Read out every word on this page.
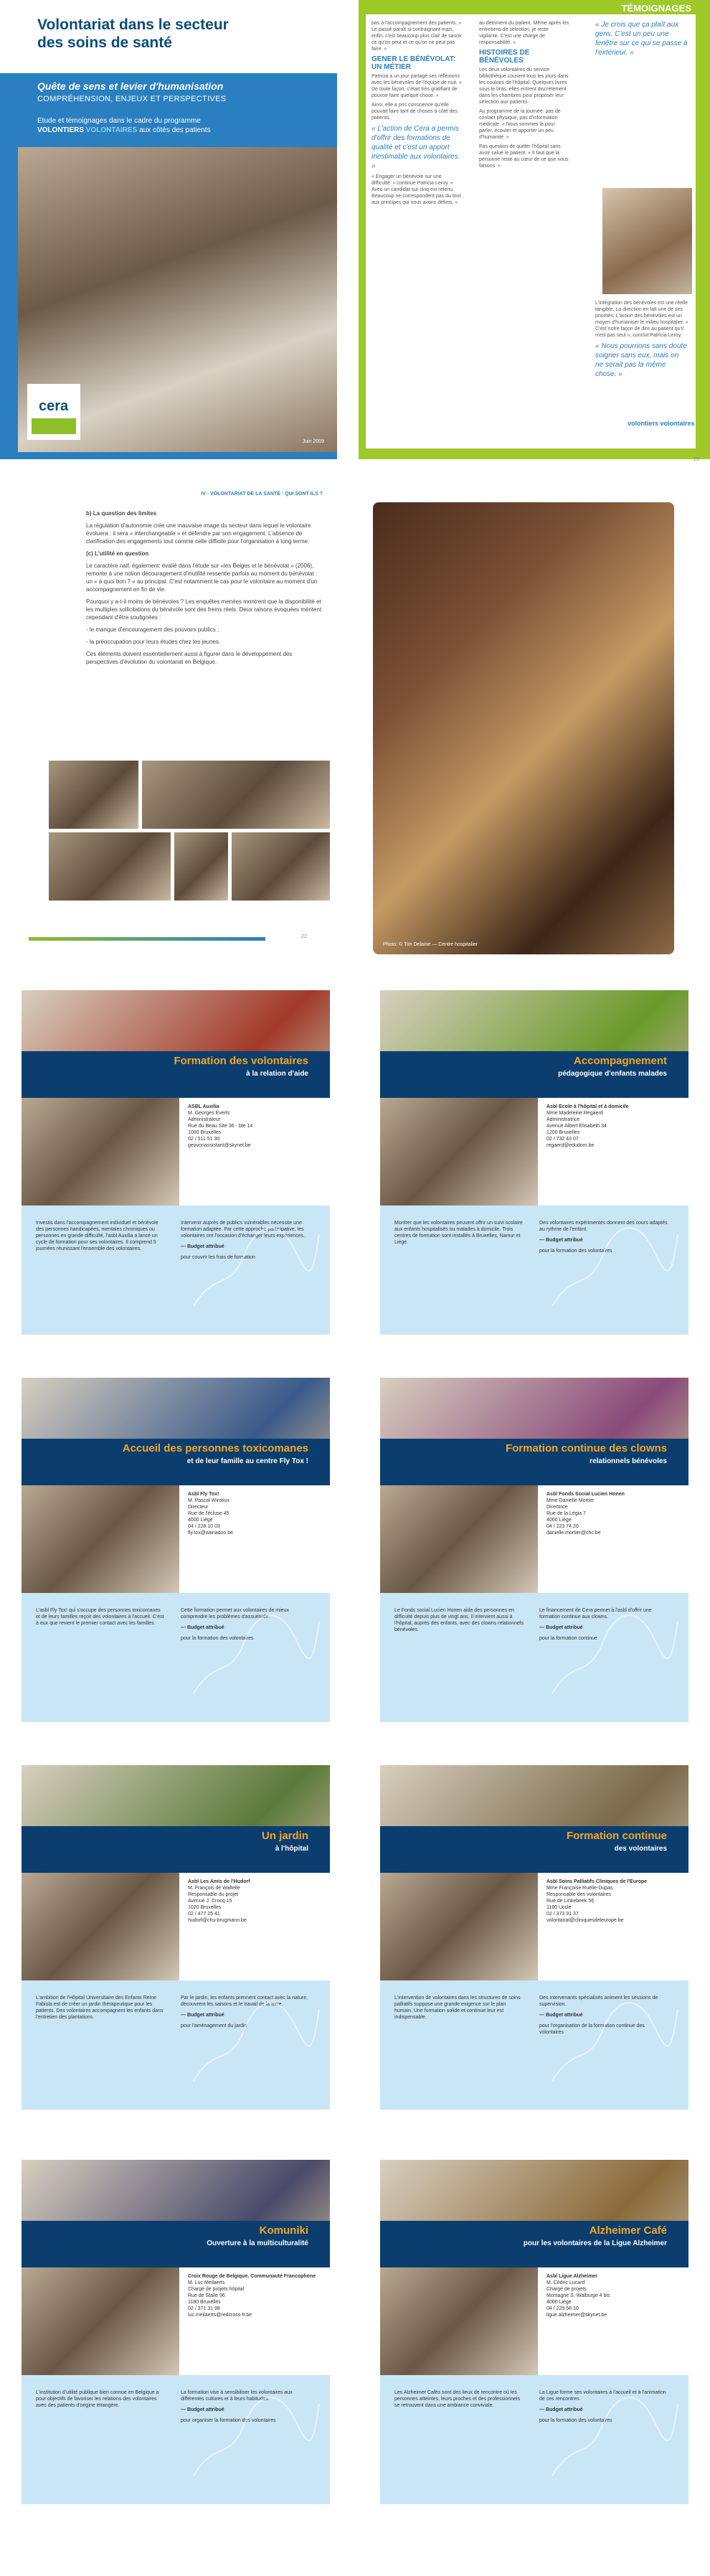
Volontariat dans le secteur
des soins de santé
Quête de sens et levier d'humanisation
COMPRÉHENSION, ENJEUX ET PERSPECTIVES
Etude et témoignages dans le cadre du programme
VOLONTIERS VOLONTAIRES aux côtés des patients
cera
Juin 2009
TÉMOIGNAGES

pas à l'accompagnement des patients. » Le passé paraît si contraignant mais, enfin, c'est beaucoup plus clair de savoir ce qu'on peut et ce qu'on ne peut pas faire. »

GENER LE BÉNÉVOLAT: UN MÉTIER

Patricia a un jour partagé ses réflexions avec les bénévoles de l'équipe de nuit. « De toute façon, c'était très gratifiant de pouvoir faire quelque chose. »

Ainsi, elle a pris conscience qu'elle pouvait faire tant de choses à côté des patients.

« L'action de Cera a permis d'offrir des formations de qualité et c'est un apport inestimable aux volontaires. »

« Engager un bénévole sur une difficulté. » continue Patricia Leroy. « Avec un candidat sur cinq est retenu. Beaucoup ne correspondent pas du tout aux principes qui nous avons définis. »

au détriment du patient. Même après les entretiens de sélection, je reste vigilante. C'est une charge de responsabilité. »

HISTOIRES DE BÉNÉVOLES

Les deux volontaires du service bibliothèque cousent tous les jours dans les couloirs de l'hôpital. Quelques livres sous le bras, elles entrent discrètement dans les chambres pour proposer leur sélection aux patients.

Au programme de la journée: pas de contact physique, pas d'information médicale. « Nous sommes là pour parler, écouter et apporter un peu d'humanité. »

Pas question de quitter l'hôpital sans avoir salué le patient. « Il faut que la personne reste au cœur de ce que nous faisons. »

« Je crois que ça plaît aux gens. C'est un peu une fenêtre sur ce qui se passe à l'extérieur. »

L'intégration des bénévoles est une réelle tangible. La direction en fait une de ses priorités. L'action des bénévoles est un moyen d'humaniser le milieu hospitalier. « C'est notre façon de dire au patient qu'il n'est pas seul », conclut Patricia Leroy.

« Nous pourrions sans doute soigner sans eux, mais on ne serait pas la même chose. »

volontiers volontaires
23
IV - VOLONTARIAT DE LA SANTÉ : QUI SONT-ILS ?

b) La question des limites

La régulation d'autonomie crée une mauvaise image du secteur dans lequel le volontaire évoluera : il sera « interchangeable » et défendre par son engagement. L'absence de clarification des engagements tout comme celle difficile pour l'organisation à long terme.

(c) L'utilité en question

Le caractère naif, également: évalié dans l'étude sur «les Belges et le bénévolat » (2006), remonte à une notion découragement d'inutilité ressentie parfois au moment du bénévolat : un « à quoi bon ? » au principal. C'est notamment le cas pour le volontaire au moment d'un accompagnement en fin de vie.

Pourquoi y a-t-il moins de bénévoles ? Les enquêtes menées montrent que la disponibilité et les multiples sollicitations du bénévole sont des freins réels. Deux raisons évoquées méritent cependant d'être soulignées :

- le manque d'encouragement des pouvoirs publics ;

- la préoccupation pour leurs études chez les jeunes.

Ces éléments doivent essentiellement aussi à figurer dans le développement des perspectives d'évolution du volontariat en Belgique.

22
Photo: © Tim Delaine — Centre hospitalier
Formation des volontaires
à la relation d'aide

ASBL Auxilia

M. Georges Everts

Administrateur

Rue du Beau Site 36 - bte 14

1000 Bruxelles

02 / 511 51 30

geovonassistant@skynet.be

Investis dans l'accompagnement individuel et bénévole des personnes handicapées, mentales chroniques ou personnes en grande difficulté, l'asbl Auxilia a lancé un cycle de formation pour ses volontaires. Il comprend 5 journées réunissant l'ensemble des volontaires.

Intervenir auprès de publics vulnérables nécessite une formation adaptée. Par cette approche participative, les volontaires ont l'occasion d'échanger leurs expériences.

— Budget attribué

pour couvrir les frais de formation

Accompagnement
pédagogique d'enfants malades

Asbl Ecole à l'hôpital et à domicile

Mme Madeleine Regaerd

Administratrice

Avenue Albert Elisabeth 34

1200 Bruxelles

02 / 732 43 07

regaerd@edudom.be

Montrer que les volontaires peuvent offrir un suivi scolaire aux enfants hospitalisés ou malades à domicile. Trois centres de formation sont installés à Bruxelles, Namur et Liège.

Des volontaires expérimentés donnent des cours adaptés au rythme de l'enfant.

— Budget attribué

pour la formation des volontaires

Accueil des personnes toxicomanes
et de leur famille au centre Fly Tox !

Asbl Fly Tox!

M. Pascal Wirotius

Directeur

Rue de l'écluse 45

4000 Liège

04 / 228 10 03

fly.tox@wanadoo.be

L'asbl Fly Tox! qui s'occupe des personnes toxicomanes et de leurs familles reçoit des volontaires à l'accueil. C'est à eux que revient le premier contact avec les familles.

Cette formation permet aux volontaires de mieux comprendre les problèmes d'assuétude.

— Budget attribué

pour la formation des volontaires

Formation continue des clowns
relationnels bénévoles

Asbl Fonds Social Lucien Honen

Mme Danielle Mortier

Directrice

Rue de la Légia 7

4000 Liège

04 / 223 74 20

danielle.mortier@chc.be

Le Fonds social Lucien Honen aide des personnes en difficulté depuis plus de vingt ans. Il intervient aussi à l'hôpital, auprès des enfants, avec des clowns relationnels bénévoles.

Le financement de Cera permet à l'asbl d'offrir une formation continue aux clowns.

— Budget attribué

pour la formation continue

Un jardin
à l'hôpital

Asbl Les Amis de l'Hudorf

M. François de Waltelle

Responsable du projet

Avenue J. Crocq 15

1020 Bruxelles

02 / 477 25 41

hudorf@chu-brugmann.be

L'ambition de l'Hôpital Universitaire des Enfants Reine Fabiola est de créer un jardin thérapeutique pour les patients. Des volontaires accompagnent les enfants dans l'entretien des plantations.

Par le jardin, les enfants prennent contact avec la nature, découvrent les saisons et le travail de la terre.

— Budget attribué

pour l'aménagement du jardin

Formation continue
des volontaires

Asbl Soins Palliatifs Cliniques de l'Europe

Mme Françoise Ruelle-Dupas

Responsable des volontaires

Rue de Linkebeek 56

1180 Uccle

02 / 373 91 37

volontariat@cliniquesdeleurope.be

L'intervention de volontaires dans les structures de soins palliatifs suppose une grande exigence sur le plan humain. Une formation solide et continue leur est indispensable.

Des intervenants spécialisés animent les sessions de supervision.

— Budget attribué

pour l'organisation de la formation continue des volontaires

Komuniki
Ouverture à la multiculturalité

Croix Rouge de Belgique, Communauté Francophone

M. Luc Meilaerts

Chargé de projets hôpital

Rue de Stalle 96

1180 Bruxelles

02 / 371 31 98

luc.meilaerts@redcross-fr.be

L'institution d'utilité publique bien connue en Belgique a pour objectifs de favoriser les relations des volontaires avec des patients d'origine étrangère.

La formation vise à sensibiliser les volontaires aux différentes cultures et à leurs habitudes.

— Budget attribué

pour organiser la formation des volontaires

Alzheimer Café
pour les volontaires de la Ligue Alzheimer

Asbl Ligue Alzheimer

M. Cédric Lucard

Chargé de projets

Montagne S.-Walburge 4 bis

4000 Liège

04 / 229 58 10

ligue.alzheimer@skynet.be

Les Alzheimer Cafés sont des lieux de rencontre où les personnes atteintes, leurs proches et des professionnels se retrouvent dans une ambiance conviviale.

La Ligue forme ses volontaires à l'accueil et à l'animation de ces rencontres.

— Budget attribué

pour la formation des volontaires
